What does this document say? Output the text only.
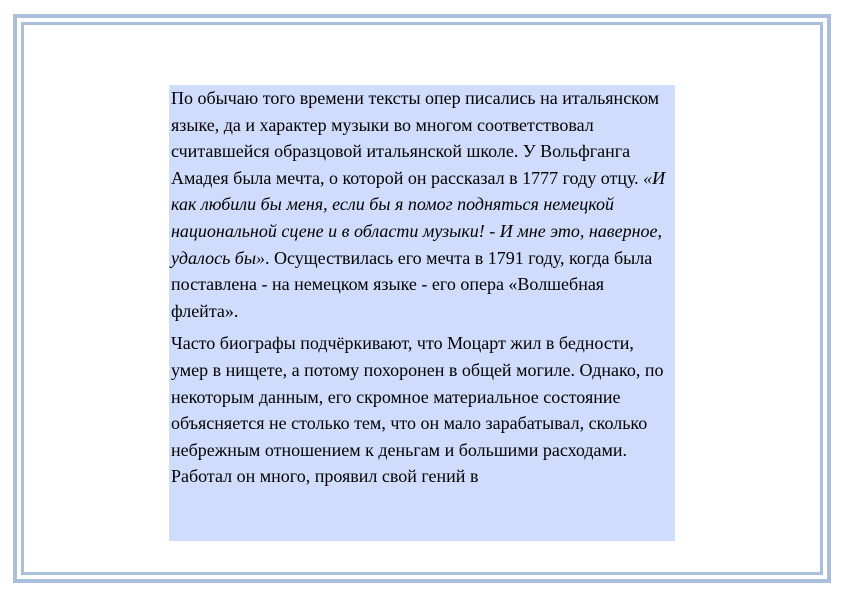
По обычаю того времени тексты опер писались на итальянском языке, да и характер музыки во многом соответствовал считавшейся образцовой итальянской школе. У Вольфганга Амадея была мечта, о которой он рассказал в 1777 году отцу. «И как любили бы меня, если бы я помог подняться немецкой национальной сцене и в области музыки! - И мне это, наверное, удалось бы». Осуществилась его мечта в 1791 году, когда была поставлена - на немецком языке - его опера «Волшебная флейта».

Часто биографы подчёркивают, что Моцарт жил в бедности, умер в нищете, а потому похоронен в общей могиле. Однако, по некоторым данным, его скромное материальное состояние объясняется не столько тем, что он мало зарабатывал, сколько небрежным отношением к деньгам и большими расходами. Работал он много, проявил свой гений в
